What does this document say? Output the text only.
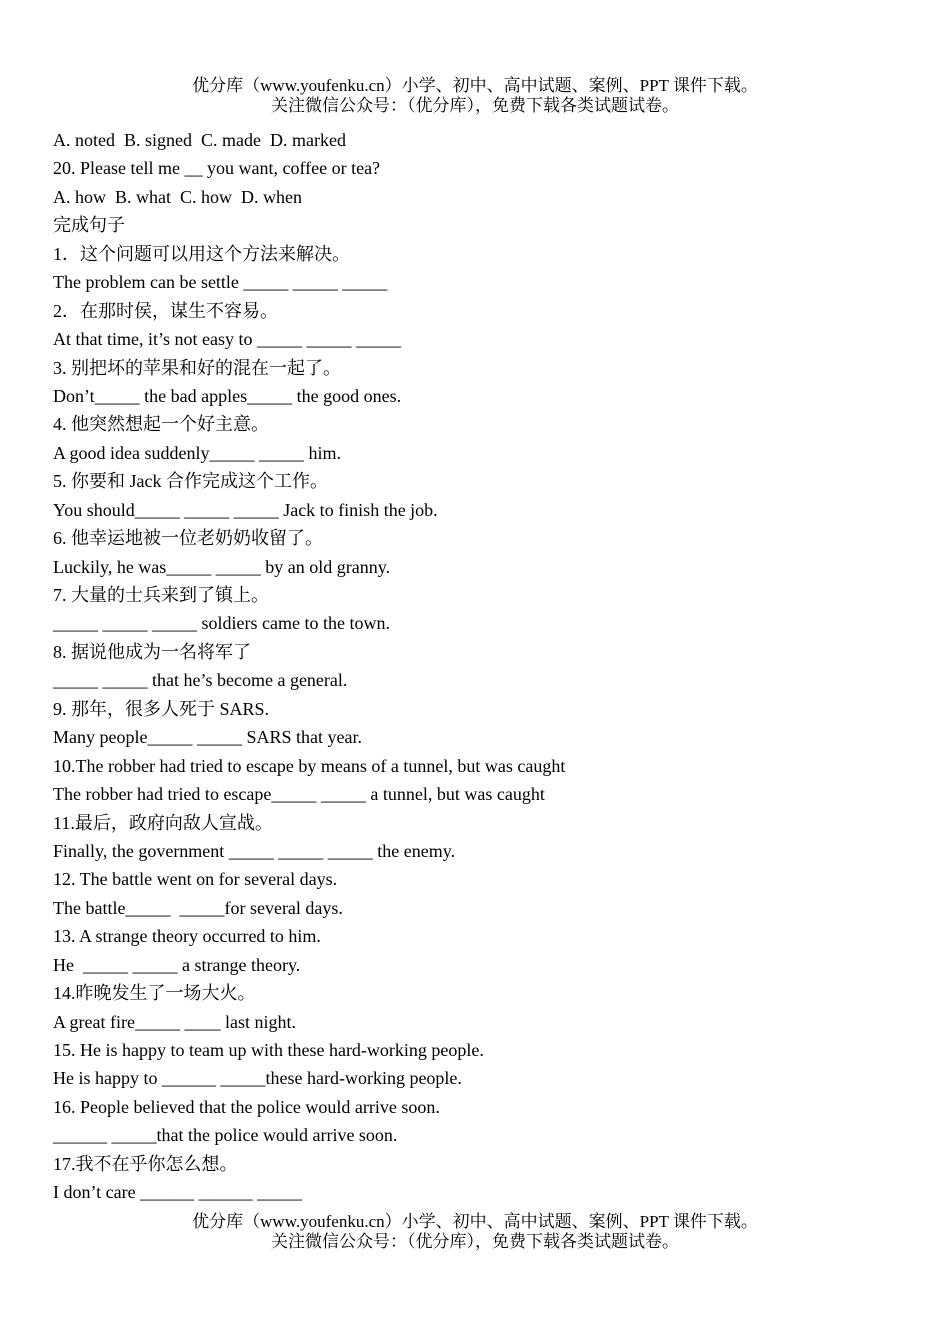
优分库（www.youfenku.cn）小学、初中、高中试题、案例、PPT 课件下载。
关注微信公众号：（优分库），免费下载各类试题试卷。
A. noted  B. signed  C. made  D. marked
20. Please tell me __ you want, coffee or tea?
A. how  B. what  C. how  D. when
完成句子
1．这个问题可以用这个方法来解决。
The problem can be settle _____ _____ _____
2．在那时侯，谋生不容易。
At that time, it’s not easy to _____ _____ _____
3. 别把坏的苹果和好的混在一起了。
Don’t_____ the bad apples_____ the good ones.
4. 他突然想起一个好主意。
A good idea suddenly_____ _____ him.
5. 你要和 Jack 合作完成这个工作。
You should_____ _____ _____ Jack to finish the job.
6. 他幸运地被一位老奶奶收留了。
Luckily, he was_____ _____ by an old granny.
7. 大量的士兵来到了镇上。
_____ _____ _____ soldiers came to the town.
8. 据说他成为一名将军了
_____ _____ that he’s become a general.
9. 那年，很多人死于 SARS.
Many people_____ _____ SARS that year.
10.The robber had tried to escape by means of a tunnel, but was caught
The robber had tried to escape_____ _____ a tunnel, but was caught
11.最后，政府向敌人宣战。
Finally, the government _____ _____ _____ the enemy.
12. The battle went on for several days.
The battle_____  _____for several days.
13. A strange theory occurred to him.
He  _____ _____ a strange theory.
14.昨晚发生了一场大火。
A great fire_____ ____ last night.
15. He is happy to team up with these hard-working people.
He is happy to ______ _____these hard-working people.
16. People believed that the police would arrive soon.
______ _____that the police would arrive soon.
17.我不在乎你怎么想。
I don’t care ______ ______ _____
优分库（www.youfenku.cn）小学、初中、高中试题、案例、PPT 课件下载。
关注微信公众号：（优分库），免费下载各类试题试卷。
